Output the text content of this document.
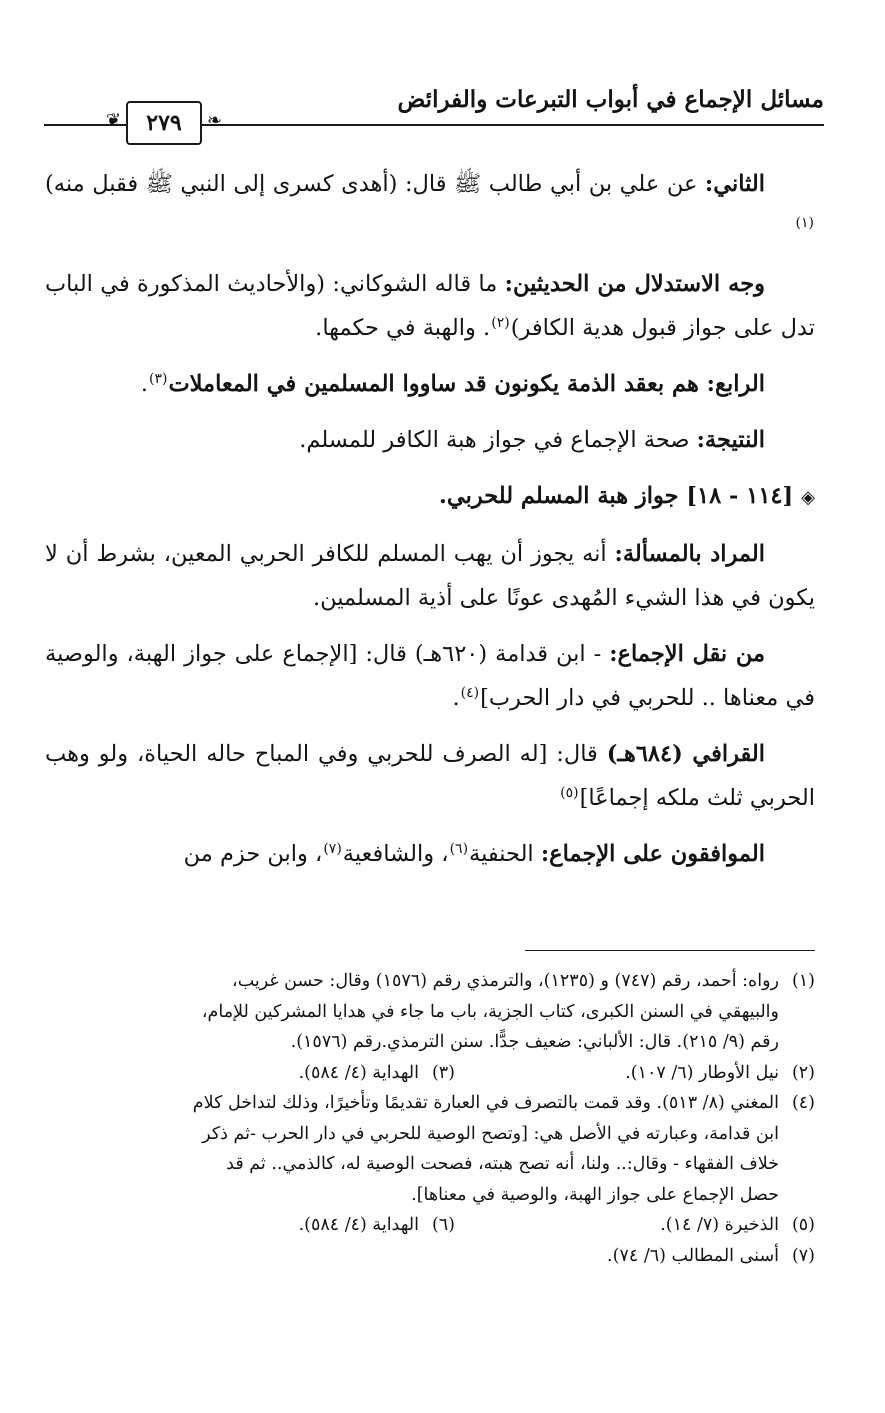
مسائل الإجماع في أبواب التبرعات والفرائض
❦	٢٧٩	❧

الثاني: عن علي بن أبي طالب ﷺ قال: (أهدى كسرى إلى النبي ﷺ فقبل منه)$^{(١)}$

وجه الاستدلال من الحديثين: ما قاله الشوكاني: (والأحاديث المذكورة في الباب تدل على جواز قبول هدية الكافر)$^{(٢)}$. والهبة في حكمها.

الرابع: هم بعقد الذمة يكونون قد ساووا المسلمين في المعاملات$^{(٣)}$.

النتيجة: صحة الإجماع في جواز هبة الكافر للمسلم.

◈[١١٤ - ١٨] جواز هبة المسلم للحربي.

المراد بالمسألة: أنه يجوز أن يهب المسلم للكافر الحربي المعين، بشرط أن لا يكون في هذا الشيء المُهدى عونًا على أذية المسلمين.

من نقل الإجماع: - ابن قدامة (٦٢٠هـ) قال: [الإجماع على جواز الهبة، والوصية في معناها .. للحربي في دار الحرب]$^{(٤)}$.

القرافي (٦٨٤هـ) قال: [له الصرف للحربي وفي المباح حاله الحياة، ولو وهب الحربي ثلث ملكه إجماعًا]$^{(٥)}$

الموافقون على الإجماع: الحنفية$^{(٦)}$، والشافعية$^{(٧)}$، وابن حزم من

(١)رواه: أحمد، رقم (٧٤٧) و (١٢٣٥)، والترمذي رقم (١٥٧٦) وقال: حسن غريب،

والبيهقي في السنن الكبرى، كتاب الجزية، باب ما جاء في هدايا المشركين للإمام،

رقم (٩/ ٢١٥). قال: الألباني: ضعيف جدًّا. سنن الترمذي.رقم (١٥٧٦).

(٢)نيل الأوطار (٦/ ١٠٧).
(٣)الهداية (٤/ ٥٨٤).

(٤)المغني (٨/ ٥١٣). وقد قمت بالتصرف في العبارة تقديمًا وتأخيرًا، وذلك لتداخل كلام

ابن قدامة، وعبارته في الأصل هي: [وتصح الوصية للحربي في دار الحرب -ثم ذكر

خلاف الفقهاء - وقال:.. ولنا، أنه تصح هبته، فصحت الوصية له، كالذمي.. ثم قد

حصل الإجماع على جواز الهبة، والوصية في معناها].

(٥)الذخيرة (٧/ ١٤).
(٦)الهداية (٤/ ٥٨٤).

(٧)أسنى المطالب (٦/ ٧٤).
